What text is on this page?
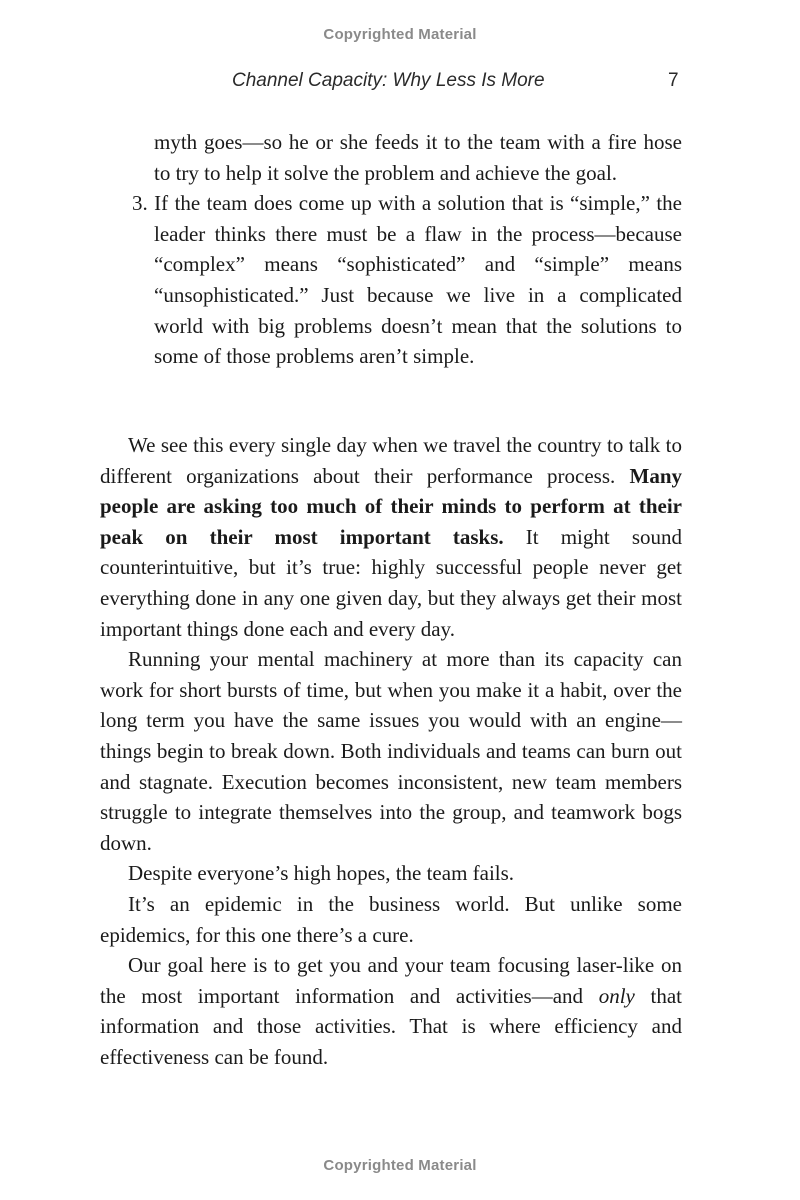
Copyrighted Material
Channel Capacity: Why Less Is More	7

myth goes—so he or she feeds it to the team with a fire hose to try to help it solve the problem and achieve the goal.

3. If the team does come up with a solution that is “simple,” the leader thinks there must be a flaw in the process—because “complex” means “sophisticated” and “simple” means “unsophisticated.” Just because we live in a complicated world with big problems doesn’t mean that the solutions to some of those problems aren’t simple.

We see this every single day when we travel the country to talk to different organizations about their performance process. Many people are asking too much of their minds to perform at their peak on their most important tasks. It might sound counterintuitive, but it’s true: highly successful people never get everything done in any one given day, but they always get their most important things done each and every day.

Running your mental machinery at more than its capacity can work for short bursts of time, but when you make it a habit, over the long term you have the same issues you would with an engine—things begin to break down. Both individuals and teams can burn out and stagnate. Execution becomes inconsistent, new team members struggle to integrate themselves into the group, and teamwork bogs down.

Despite everyone’s high hopes, the team fails.

It’s an epidemic in the business world. But unlike some epidemics, for this one there’s a cure.

Our goal here is to get you and your team focusing laser-like on the most important information and activities—and only that information and those activities. That is where efficiency and effectiveness can be found.

Copyrighted Material
